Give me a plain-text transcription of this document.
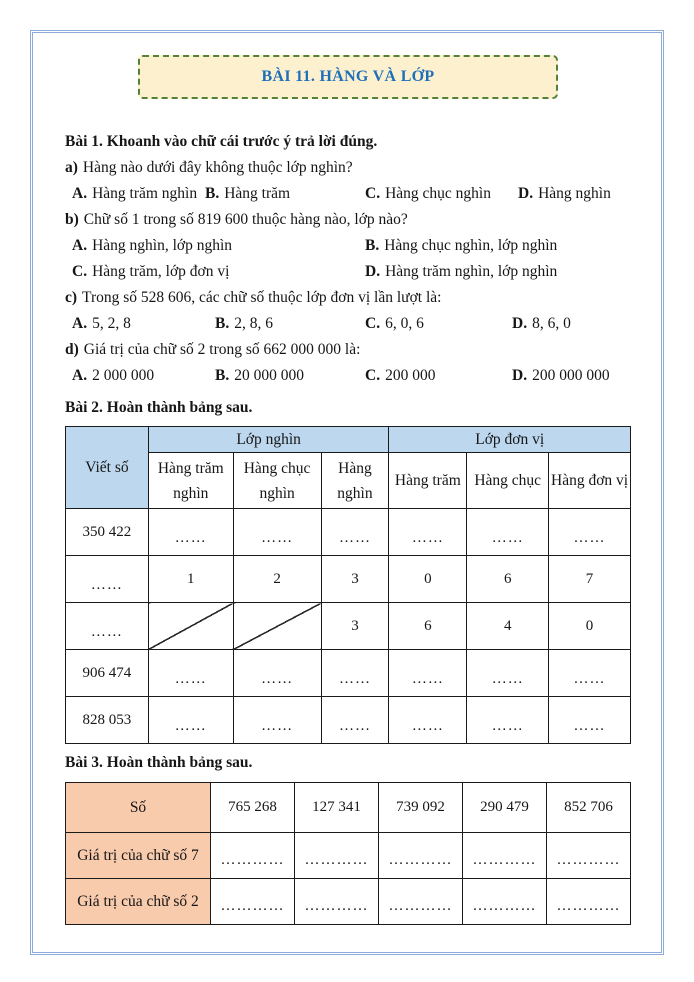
BÀI 11. HÀNG VÀ LỚP
Bài 1. Khoanh vào chữ cái trước ý trả lời đúng.
a) Hàng nào dưới đây không thuộc lớp nghìn?
A. Hàng trăm nghìn B. Hàng trăm	C. Hàng chục nghìn	D. Hàng nghìn
b) Chữ số 1 trong số 819 600 thuộc hàng nào, lớp nào?
A. Hàng nghìn, lớp nghìn	B. Hàng chục nghìn, lớp nghìn
C. Hàng trăm, lớp đơn vị	D. Hàng trăm nghìn, lớp nghìn
c) Trong số 528 606, các chữ số thuộc lớp đơn vị lần lượt là:
A. 5, 2, 8	B. 2, 8, 6	C. 6, 0, 6	D. 8, 6, 0
d) Giá trị của chữ số 2 trong số 662 000 000 là:
A. 2 000 000	B. 20 000 000	C. 200 000	D. 200 000 000
Bài 2. Hoàn thành bảng sau.
Viết số	Lớp nghìn			Lớp đơn vị		
	Hàng trăm nghìn	Hàng chục nghìn	Hàng nghìn	Hàng trăm	Hàng chục	Hàng đơn vị
350 422	……	……	……	……	……	……
……	1	2	3	0	6	7
……			3	6	4	0
906 474	……	……	……	……	……	……
828 053	……	……	……	……	……	……
Bài 3. Hoàn thành bảng sau.
Số	765 268	127 341	739 092	290 479	852 706
Giá trị của chữ số 7	…………	…………	…………	…………	…………
Giá trị của chữ số 2	…………	…………	…………	…………	…………
